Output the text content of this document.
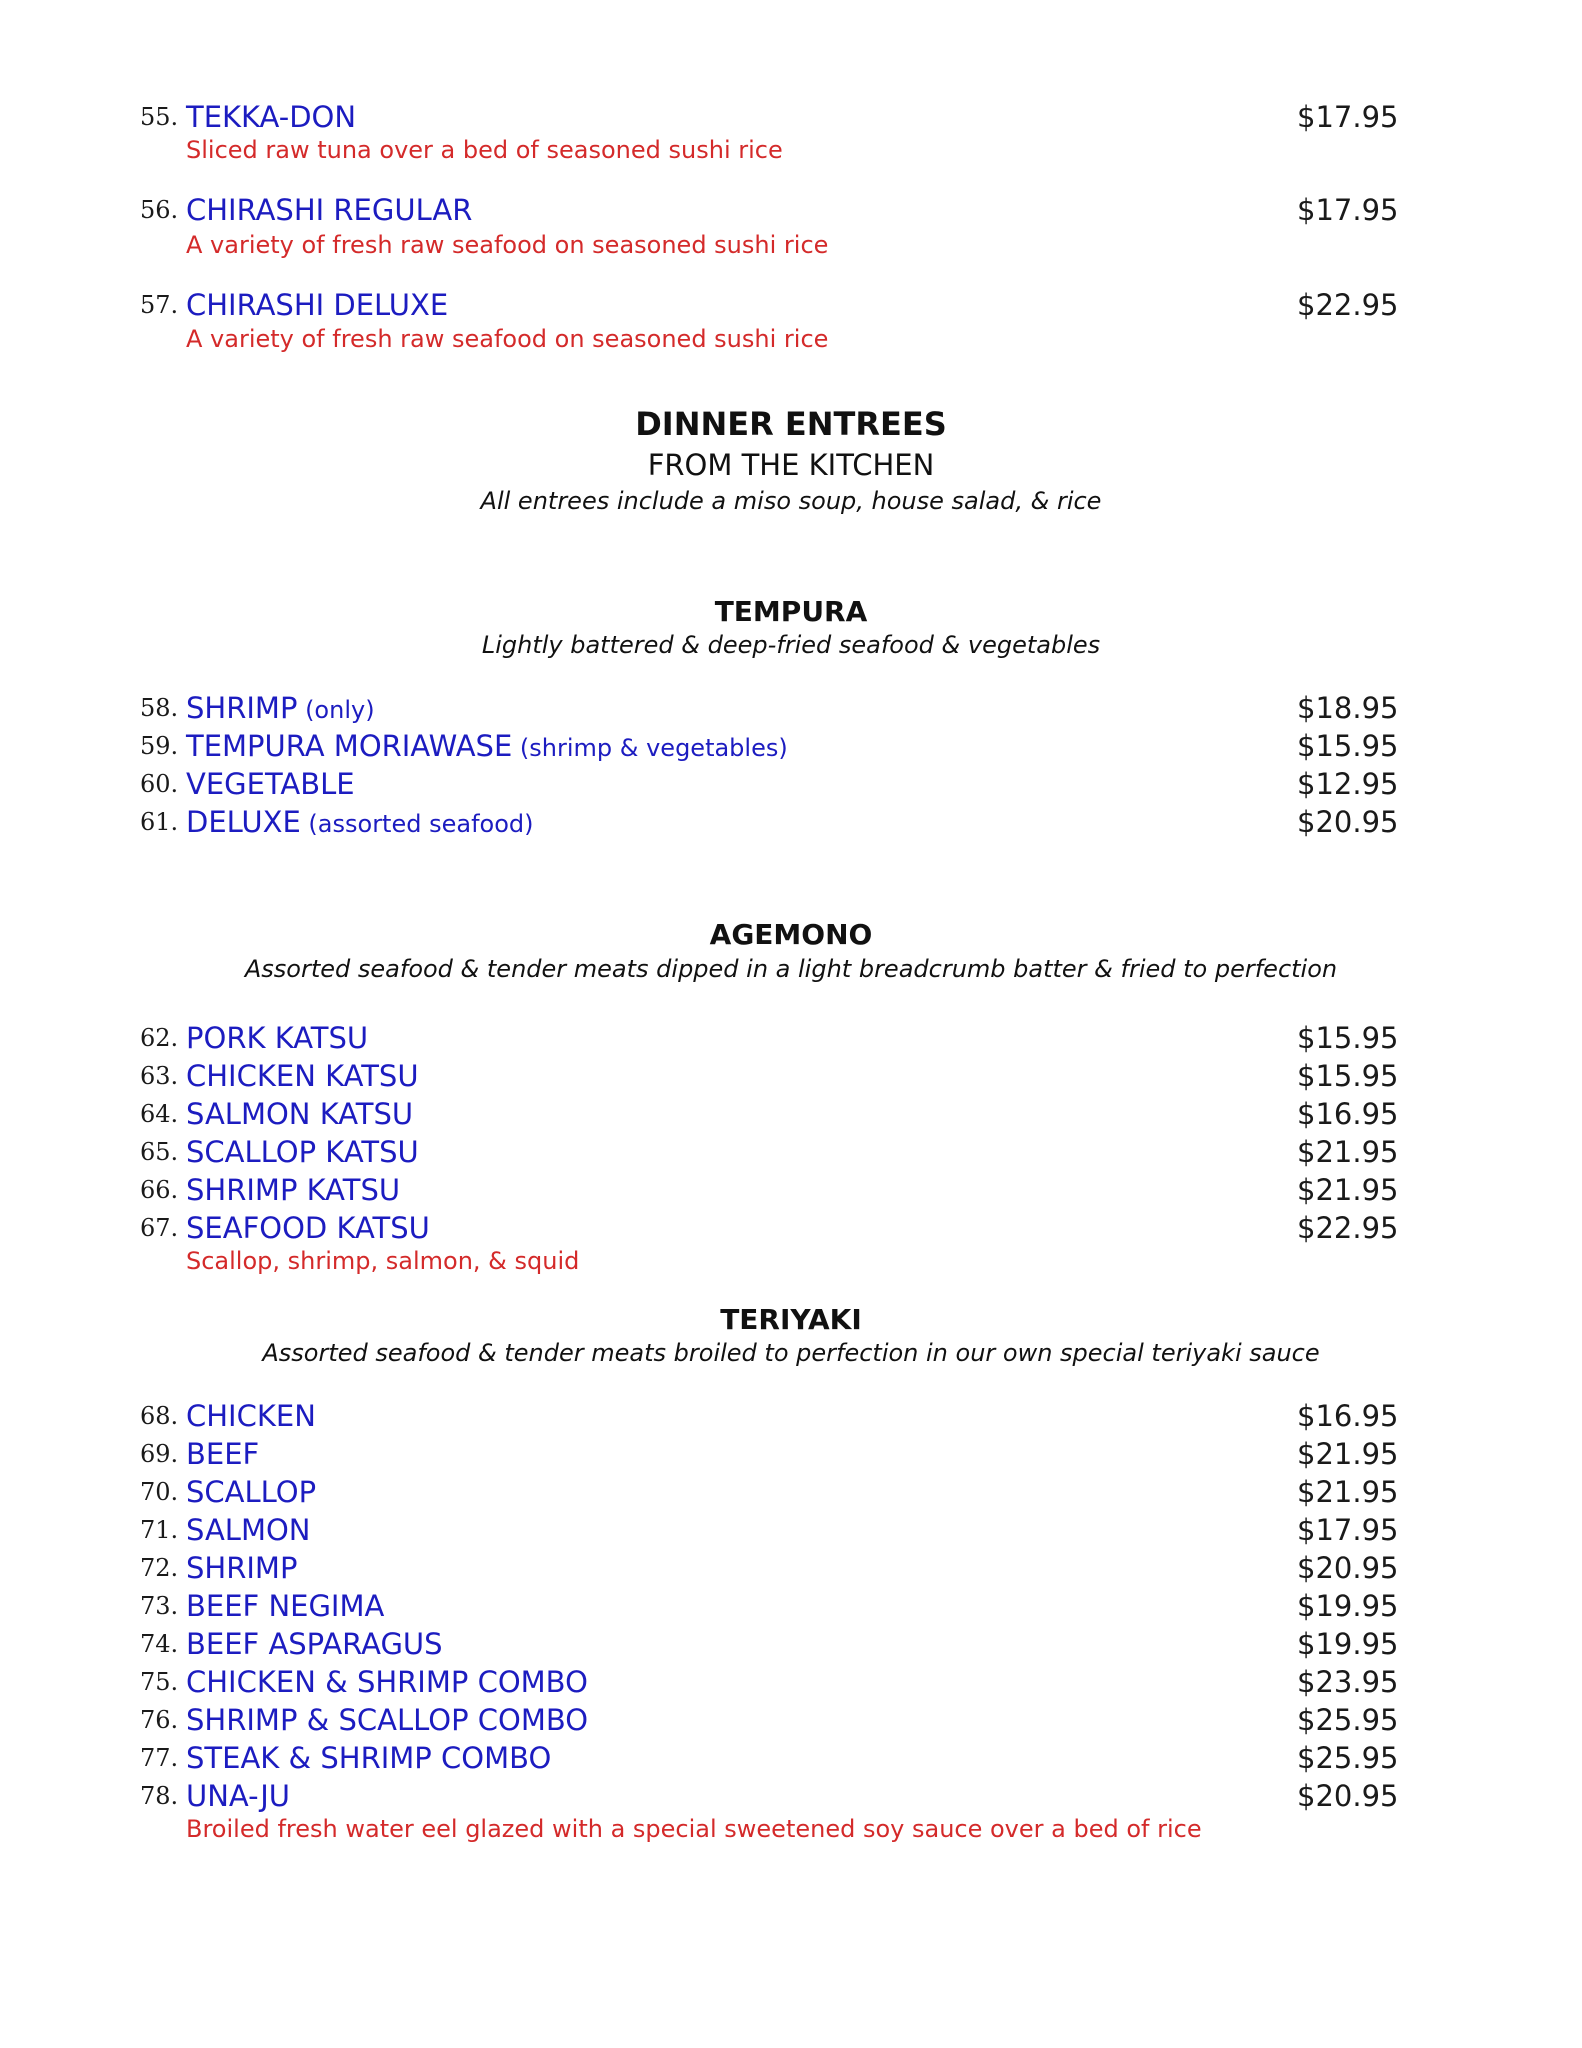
55. TEKKA-DON	$17.95
Sliced raw tuna over a bed of seasoned sushi rice
56. CHIRASHI REGULAR	$17.95
A variety of fresh raw seafood on seasoned sushi rice
57. CHIRASHI DELUXE	$22.95
A variety of fresh raw seafood on seasoned sushi rice
DINNER ENTREES
FROM THE KITCHEN
All entrees include a miso soup, house salad, & rice
TEMPURA
Lightly battered & deep-fried seafood & vegetables
58. SHRIMP (only)	$18.95
59. TEMPURA MORIAWASE (shrimp & vegetables)	$15.95
60. VEGETABLE	$12.95
61. DELUXE (assorted seafood)	$20.95
AGEMONO
Assorted seafood & tender meats dipped in a light breadcrumb batter & fried to perfection
62. PORK KATSU	$15.95
63. CHICKEN KATSU	$15.95
64. SALMON KATSU	$16.95
65. SCALLOP KATSU	$21.95
66. SHRIMP KATSU	$21.95
67. SEAFOOD KATSU	$22.95
Scallop, shrimp, salmon, & squid
TERIYAKI
Assorted seafood & tender meats broiled to perfection in our own special teriyaki sauce
68. CHICKEN	$16.95
69. BEEF	$21.95
70. SCALLOP	$21.95
71. SALMON	$17.95
72. SHRIMP	$20.95
73. BEEF NEGIMA	$19.95
74. BEEF ASPARAGUS	$19.95
75. CHICKEN & SHRIMP COMBO	$23.95
76. SHRIMP & SCALLOP COMBO	$25.95
77. STEAK & SHRIMP COMBO	$25.95
78. UNA-JU	$20.95
Broiled fresh water eel glazed with a special sweetened soy sauce over a bed of rice
